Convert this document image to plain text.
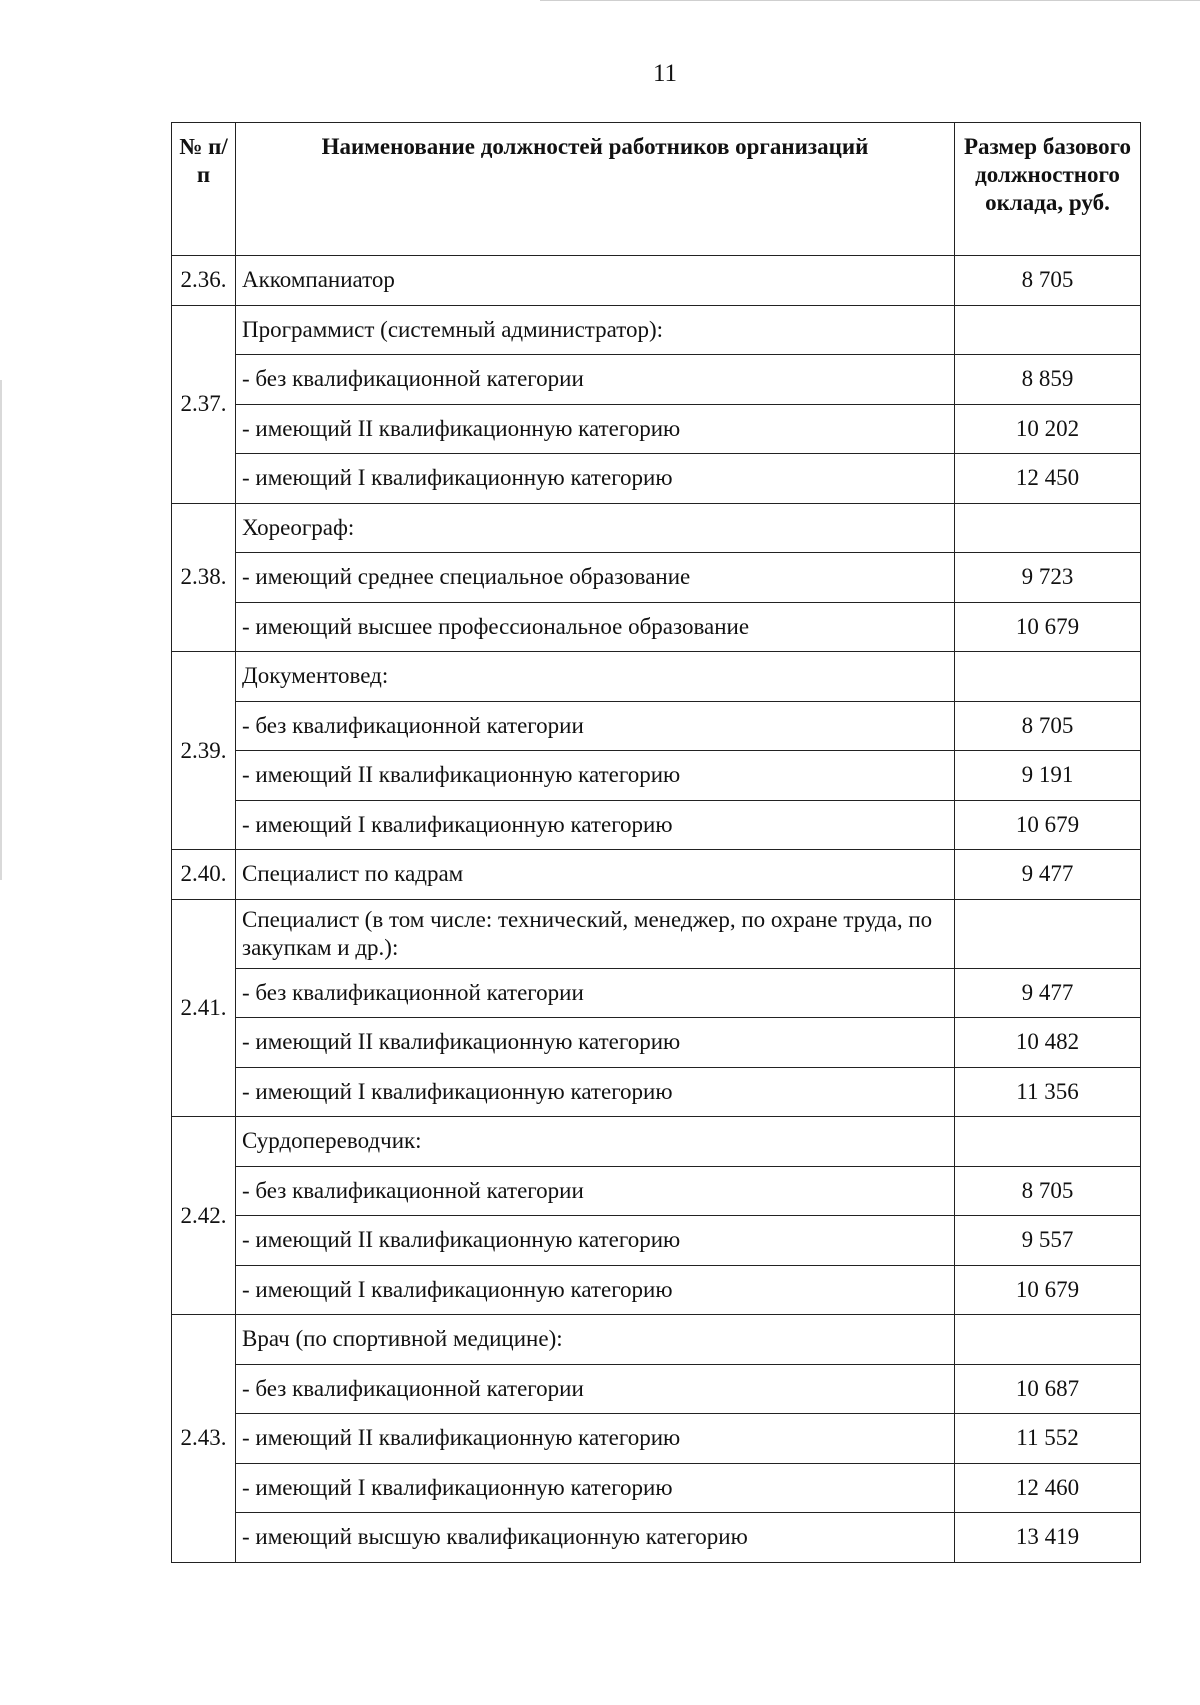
11
№ п/п	Наименование должностей работников организаций	Размер базового должностного оклада, руб.
2.36.	Аккомпаниатор	8 705
2.37.	Программист (системный администратор):	
	- без квалификационной категории	8 859
	- имеющий II квалификационную категорию	10 202
	- имеющий I квалификационную категорию	12 450
2.38.	Хореограф:	
	- имеющий среднее специальное образование	9 723
	- имеющий высшее профессиональное образование	10 679
2.39.	Документовед:	
	- без квалификационной категории	8 705
	- имеющий II квалификационную категорию	9 191
	- имеющий I квалификационную категорию	10 679
2.40.	Специалист по кадрам	9 477
2.41.	Специалист (в том числе: технический, менеджер, по охране труда, по закупкам и др.):	
	- без квалификационной категории	9 477
	- имеющий II квалификационную категорию	10 482
	- имеющий I квалификационную категорию	11 356
2.42.	Сурдопереводчик:	
	- без квалификационной категории	8 705
	- имеющий II квалификационную категорию	9 557
	- имеющий I квалификационную категорию	10 679
2.43.	Врач (по спортивной медицине):	
	- без квалификационной категории	10 687
	- имеющий II квалификационную категорию	11 552
	- имеющий I квалификационную категорию	12 460
	- имеющий высшую квалификационную категорию	13 419
